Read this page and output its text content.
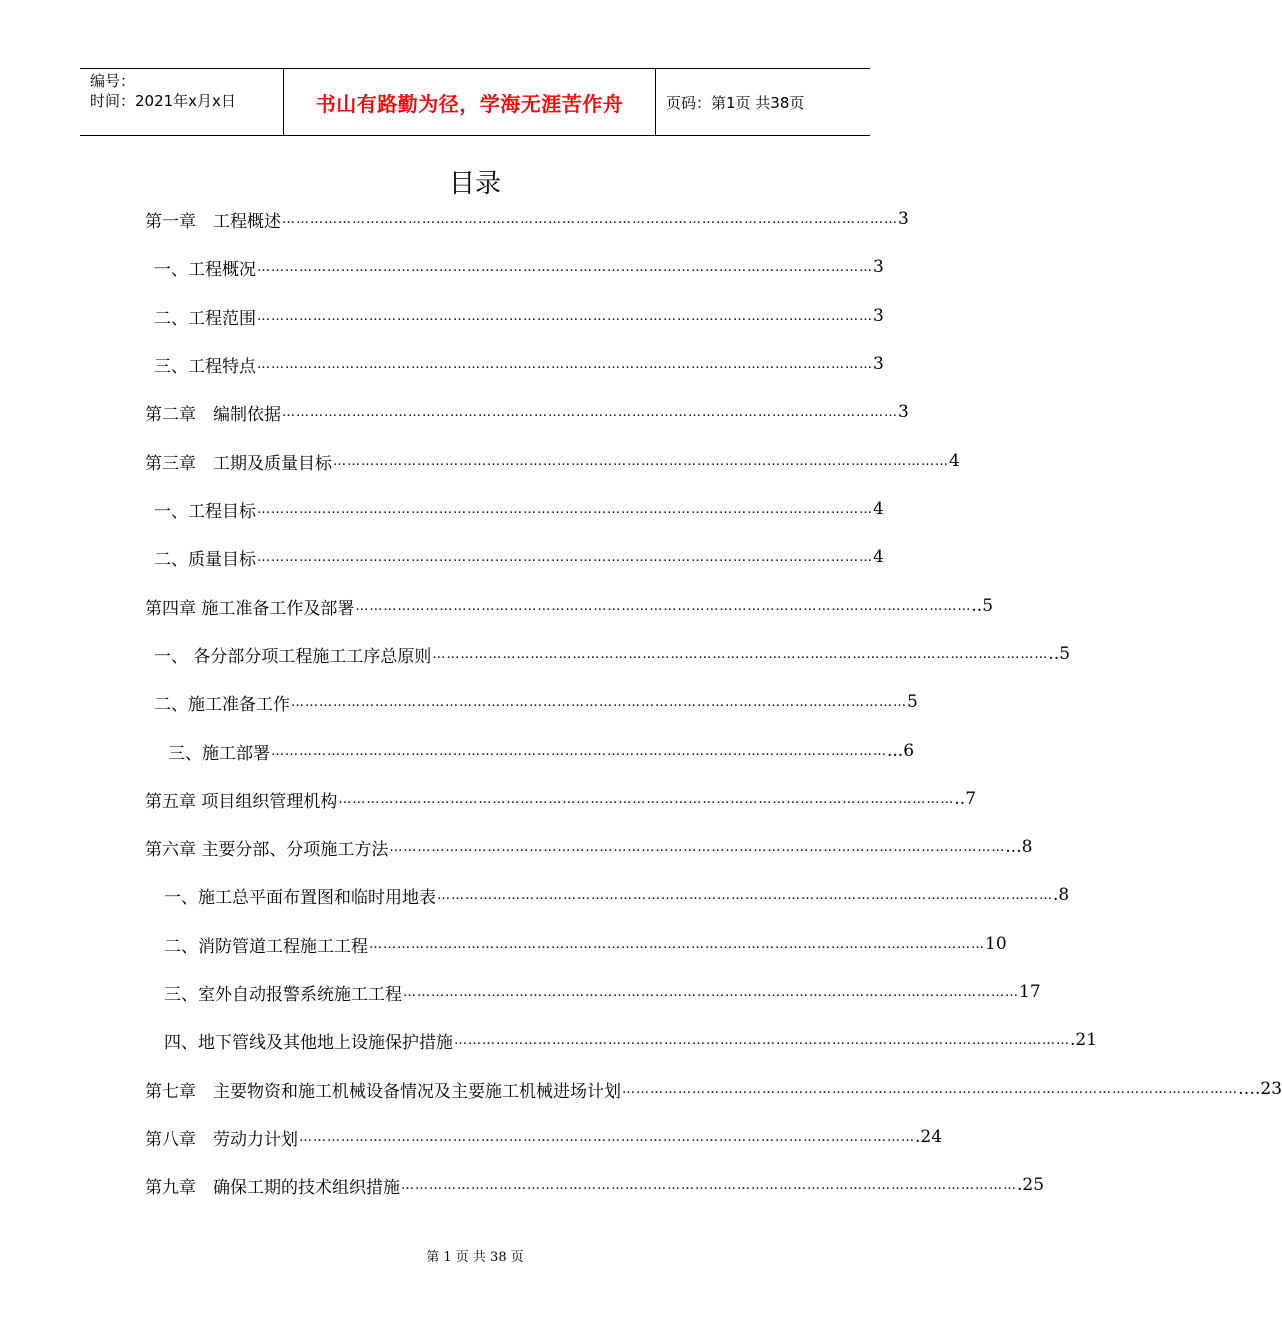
编号：
时间：2021年x月x日	书山有路勤为径，学海无涯苦作舟	页码：第1页 共38页
目录
第一章　工程概述 …………………………………………………………………………………………………………………… 3
一、工程概况 …………………………………………………………………………………………………………………… 3
二、工程范围 …………………………………………………………………………………………………………………… 3
三、工程特点 …………………………………………………………………………………………………………………… 3
第二章　编制依据 …………………………………………………………………………………………………………………… 3
第三章　工期及质量目标 …………………………………………………………………………………………………………………… 4
一、工程目标 …………………………………………………………………………………………………………………… 4
二、质量目标 …………………………………………………………………………………………………………………… 4
第四章 施工准备工作及部署 …………………………………………………………………………………………………………………… ..5
一、 各分部分项工程施工工序总原则 …………………………………………………………………………………………………………………… ..5
二、施工准备工作 …………………………………………………………………………………………………………………… 5
三、施工部署 …………………………………………………………………………………………………………………… ...6
第五章 项目组织管理机构 …………………………………………………………………………………………………………………… ..7
第六章 主要分部、分项施工方法 …………………………………………………………………………………………………………………… ...8
一、施工总平面布置图和临时用地表 …………………………………………………………………………………………………………………… .8
二、消防管道工程施工工程 …………………………………………………………………………………………………………………… 10
三、室外自动报警系统施工工程 …………………………………………………………………………………………………………………… 17
四、地下管线及其他地上设施保护措施 …………………………………………………………………………………………………………………… .21
第七章　主要物资和施工机械设备情况及主要施工机械进场计划 …………………………………………………………………………………………………………………… ….23
第八章　劳动力计划 …………………………………………………………………………………………………………………… .24
第九章　确保工期的技术组织措施 …………………………………………………………………………………………………………………… .25
第 1 页 共 38 页
